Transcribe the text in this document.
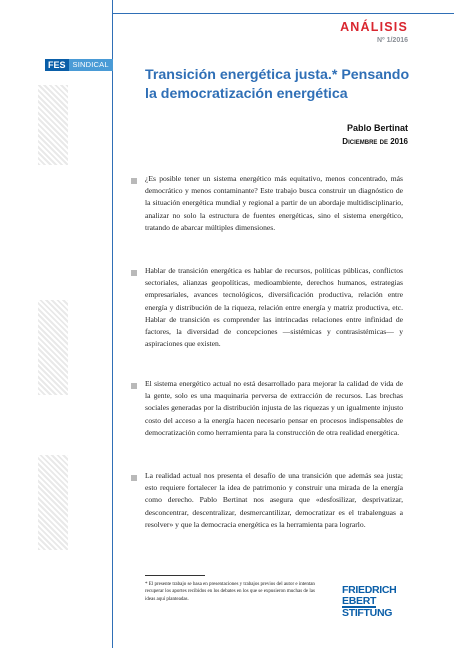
ANÁLISIS
Nº 1/2016
FES SINDICAL
Transición energética justa.* Pensando la democratización energética
Pablo Bertinat
Diciembre de 2016

¿Es posible tener un sistema energético más equitativo, menos concentrado, más democrático y menos contaminante? Este trabajo busca construir un diagnóstico de la situación energética mundial y regional a partir de un abordaje multidisciplinario, analizar no solo la estructura de fuentes energéticas, sino el sistema energético, tratando de abarcar múltiples dimensiones.

Hablar de transición energética es hablar de recursos, políticas públicas, conflictos sectoriales, alianzas geopolíticas, medioambiente, derechos humanos, estrategias empresariales, avances tecnológicos, diversificación productiva, relación entre energía y distribución de la riqueza, relación entre energía y matriz productiva, etc. Hablar de transición es comprender las intrincadas relaciones entre infinidad de factores, la diversidad de concepciones —sistémicas y contrasistémicas— y aspiraciones que existen.

El sistema energético actual no está desarrollado para mejorar la calidad de vida de la gente, solo es una maquinaria perversa de extracción de recursos. Las brechas sociales generadas por la distribución injusta de las riquezas y un igualmente injusto costo del acceso a la energía hacen necesario pensar en procesos indispensables de democratización como herramienta para la construcción de otra realidad energética.

La realidad actual nos presenta el desafío de una transición que además sea justa; esto requiere fortalecer la idea de patrimonio y construir una mirada de la energía como derecho. Pablo Bertinat nos asegura que «desfosilizar, desprivatizar, desconcentrar, descentralizar, desmercantilizar, democratizar es el trabalenguas a resolver» y que la democracia energética es la herramienta para lograrlo.

* El presente trabajo se basa en presentaciones y trabajos previos del autor e intentan recuperar los aportes recibidos en los debates en los que se expusieron muchas de las ideas aquí planteadas.

FRIEDRICH
EBERT
STIFTUNG
